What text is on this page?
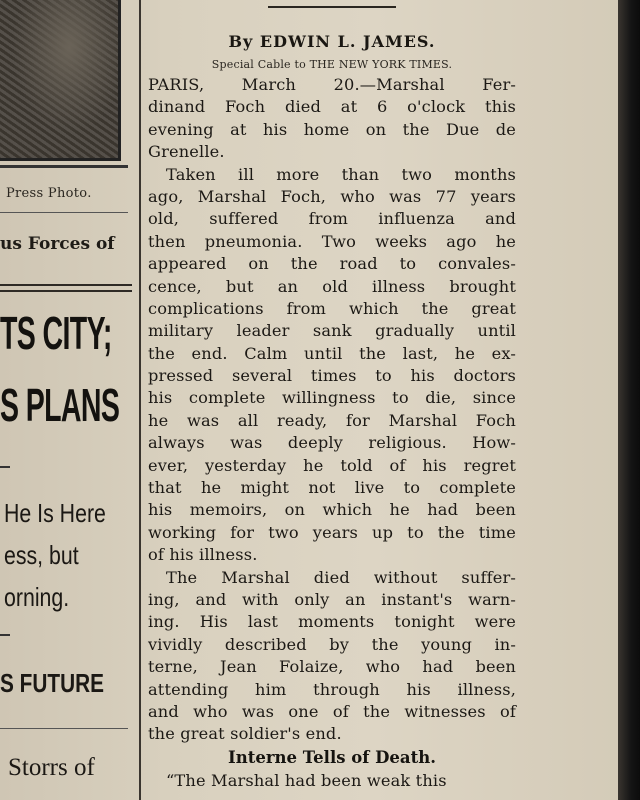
Press Photo.
us Forces of
TS CITY;
S PLANS
He Is Here
ess, but
orning.
S FUTURE
Storrs of
By EDWIN L. JAMES.
Special Cable to THE NEW YORK TIMES.
PARIS, March 20.—Marshal Fer-
dinand Foch died at 6 o'clock this
evening at his home on the Due de
Grenelle.
Taken ill more than two months
ago, Marshal Foch, who was 77 years
old, suffered from influenza and
then pneumonia. Two weeks ago he
appeared on the road to convales-
cence, but an old illness brought
complications from which the great
military leader sank gradually until
the end. Calm until the last, he ex-
pressed several times to his doctors
his complete willingness to die, since
he was all ready, for Marshal Foch
always was deeply religious. How-
ever, yesterday he told of his regret
that he might not live to complete
his memoirs, on which he had been
working for two years up to the time
of his illness.
The Marshal died without suffer-
ing, and with only an instant's warn-
ing. His last moments tonight were
vividly described by the young in-
terne, Jean Folaize, who had been
attending him through his illness,
and who was one of the witnesses of
the great soldier's end.
Interne Tells of Death.
“The Marshal had been weak this
